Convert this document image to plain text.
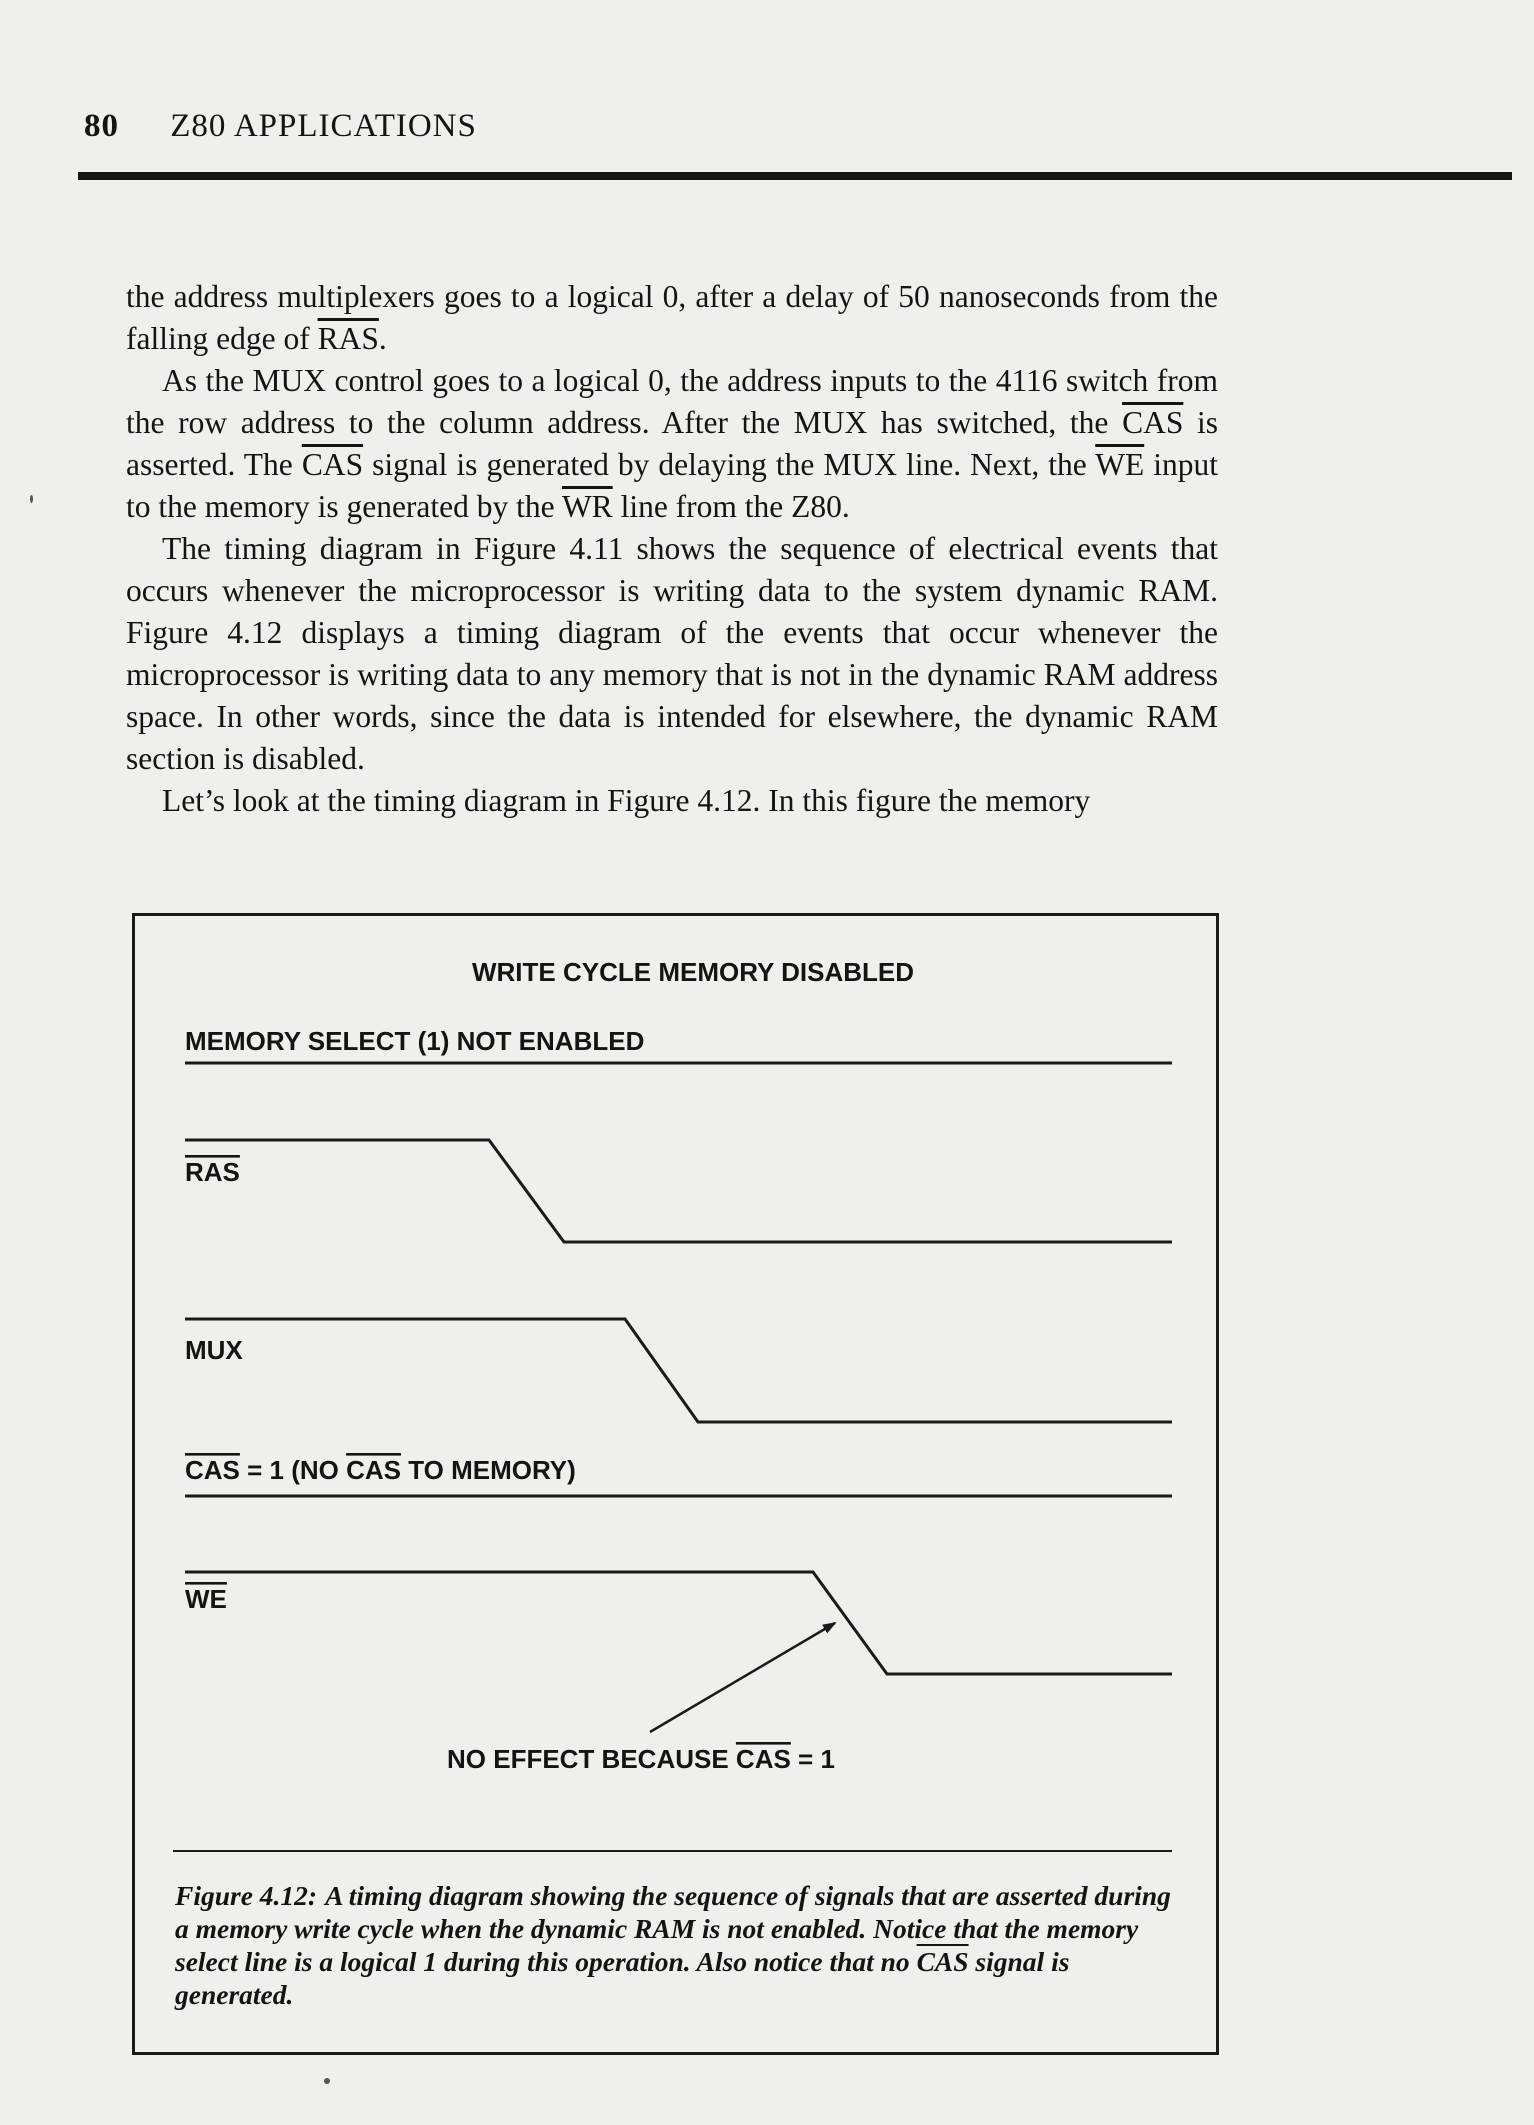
80 Z80 APPLICATIONS

the address multiplexers goes to a logical 0, after a delay of 50 nanoseconds from the falling edge of $\overline{RAS}$.

As the MUX control goes to a logical 0, the address inputs to the 4116 switch from the row address to the column address. After the MUX has switched, the $\overline{CAS}$ is asserted. The $\overline{CAS}$ signal is generated by delaying the MUX line. Next, the $\overline{WE}$ input to the memory is generated by the $\overline{WR}$ line from the Z80.

The timing diagram in Figure 4.11 shows the sequence of electrical events that occurs whenever the microprocessor is writing data to the system dynamic RAM. Figure 4.12 displays a timing diagram of the events that occur whenever the microprocessor is writing data to any memory that is not in the dynamic RAM address space. In other words, since the data is intended for elsewhere, the dynamic RAM section is disabled.

Let’s look at the timing diagram in Figure 4.12. In this figure the memory

WRITE CYCLE MEMORY DISABLED
MEMORY SELECT (1) NOT ENABLED
RAS
MUX
CAS = 1 (NO CAS TO MEMORY)
WE
NO EFFECT BECAUSE CAS = 1
Figure 4.12: A timing diagram showing the sequence of signals that are asserted during a memory write cycle when the dynamic RAM is not enabled. Notice that the memory select line is a logical 1 during this operation. Also notice that no $\overline{CAS}$ signal is generated.
